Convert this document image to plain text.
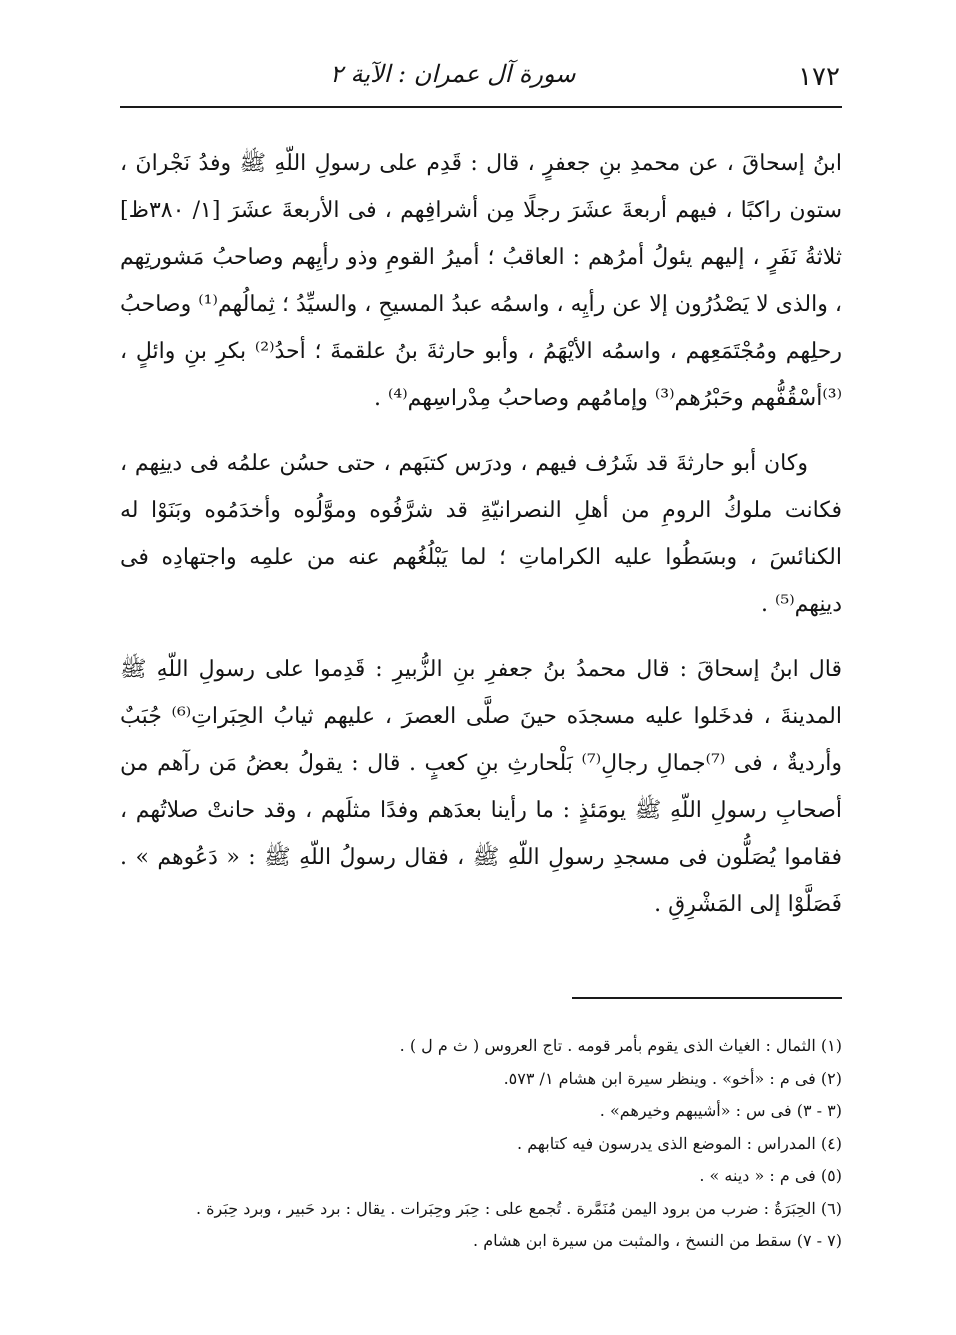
١٧٢
سورة آل عمران : الآية ٢

ابنُ إسحاقَ ، عن محمدِ بنِ جعفرٍ ، قال : قَدِم على رسولِ اللّهِ ﷺ وفدُ نَجْرانَ ، ستون راكبًا ، فيهم أربعةَ عشَرَ رجلًا مِن أشرافِهم ، فى الأربعةَ عشَرَ [١/ ٣٨٠ظ] ثلاثةُ نَفَرٍ ، إليهم يئولُ أمرُهم : العاقبُ ؛ أميرُ القومِ وذو رأيِهم وصاحبُ مَشورتِهم ، والذى لا يَصْدُرُون إلا عن رأيِه ، واسمُه عبدُ المسيحِ ، والسيِّدُ ؛ ثِمالُهم⁽¹⁾ وصاحبُ رحلِهم ومُجْتَمَعِهم ، واسمُه الأيْهَمُ ، وأبو حارثةَ بنُ علقمةَ ؛ أحدُ⁽²⁾ بكرِ بنِ وائلٍ ، ⁽³⁾أسْقُفُّهم وحَبْرُهم⁽³⁾ وإمامُهم وصاحبُ مِدْراسِهم⁽⁴⁾ .

وكان أبو حارثةَ قد شَرُف فيهم ، ودرَس كتبَهم ، حتى حسُن علمُه فى دينِهم ، فكانت ملوكُ الرومِ من أهلِ النصرانيّةِ قد شرَّفُوه وموَّلُوه وأخدَمُوه وبَنَوْا له الكنائسَ ، وبسَطُوا عليه الكراماتِ ؛ لما يَبْلُغُهم عنه من علمِه واجتهادِه فى دينِهم⁽⁵⁾ .

قال ابنُ إسحاقَ : قال محمدُ بنُ جعفرِ بنِ الزُّبيرِ : قَدِموا على رسولِ اللّهِ ﷺ المدينةَ ، فدخَلوا عليه مسجدَه حينَ صلَّى العصرَ ، عليهم ثيابُ الحِبَراتِ⁽⁶⁾ جُبَبٌ وأرديةٌ ، فى ⁽⁷⁾جمالِ رجالِ⁽⁷⁾ بَلْحارثِ بنِ كعبٍ . قال : يقولُ بعضُ مَن رآهم من أصحابِ رسولِ اللّهِ ﷺ يومَئذٍ : ما رأينا بعدَهم وفدًا مثلَهم ، وقد حانتْ صلاتُهم ، فقاموا يُصَلُّون فى مسجدِ رسولِ اللّهِ ﷺ ، فقال رسولُ اللّهِ ﷺ : « دَعُوهم » . فَصَلَّوْا إلى المَشْرِقِ .

(١) الثمال : الغياث الذى يقوم بأمر قومه . تاج العروس ( ث م ل ) .
(٢) فى م : «أخو» . وينظر سيرة ابن هشام ١/ ٥٧٣.
(٣ - ٣) فى س : «أشيبهم وخيرهم» .
(٤) المدراس : الموضع الذى يدرسون فيه كتابهم .
(٥) فى م : « دينه » .
(٦) الحِبَرَةُ : ضرب من برود اليمن مُنَمَّرة . تُجمع على : حِبَر وحِبَرات . يقال : برد حَبير ، وبرد حِبَرة .
(٧ - ٧) سقط من النسخ ، والمثبت من سيرة ابن هشام .
